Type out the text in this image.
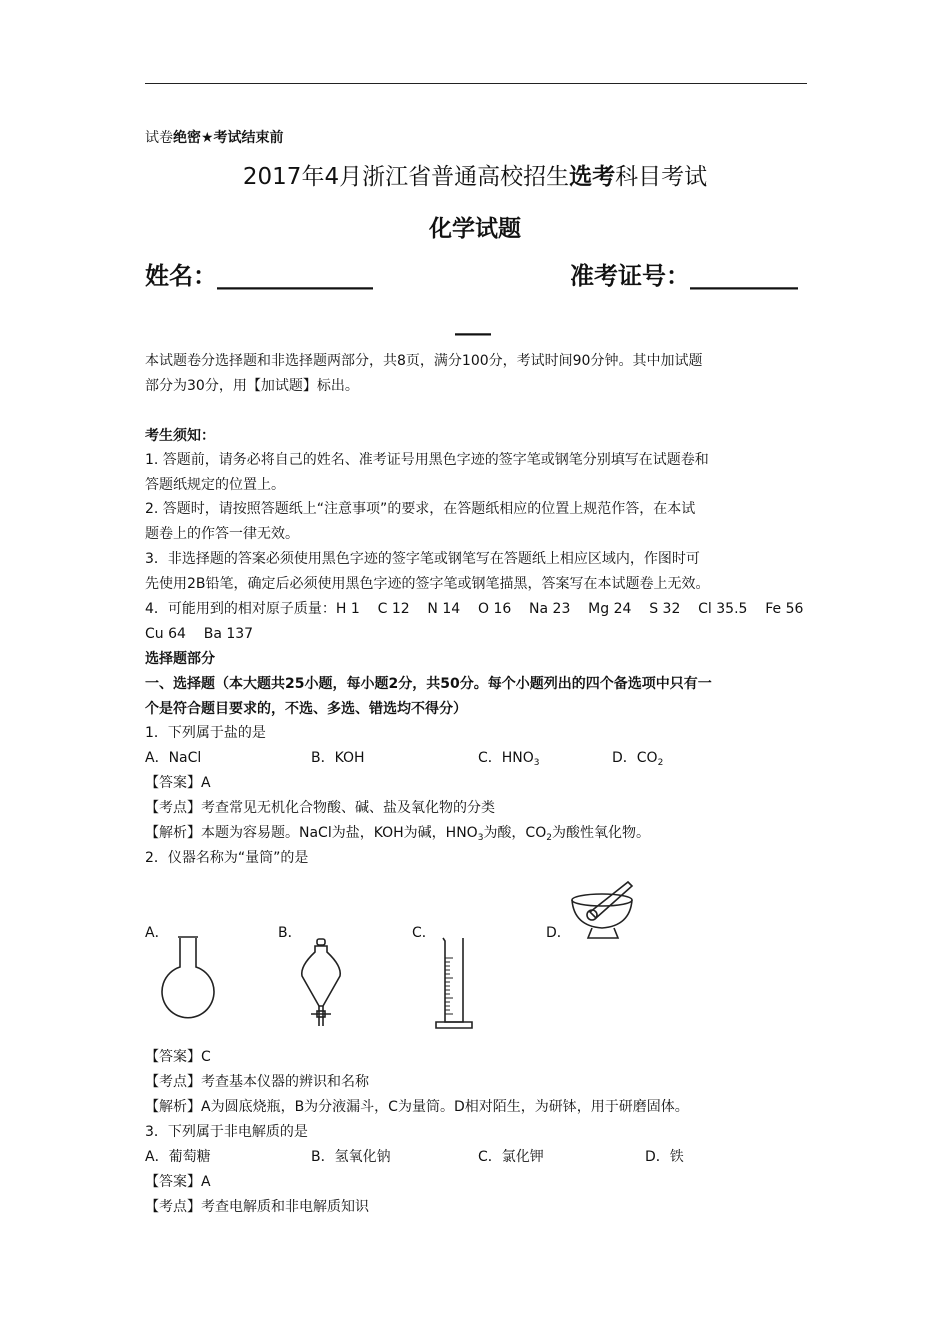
试卷绝密★考试结束前
2017年4月浙江省普通高校招生选考科目考试
化学试题
姓名：_____________	准考证号：_________
___
本试题卷分选择题和非选择题两部分，共8页，满分100分，考试时间90分钟。其中加试题
部分为30分，用【加试题】标出。
考生须知：
1. 答题前，请务必将自己的姓名、准考证号用黑色字迹的签字笔或钢笔分别填写在试题卷和
答题纸规定的位置上。
2. 答题时，请按照答题纸上“注意事项”的要求，在答题纸相应的位置上规范作答，在本试
题卷上的作答一律无效。
3．非选择题的答案必须使用黑色字迹的签字笔或钢笔写在答题纸上相应区域内，作图时可
先使用2B铅笔，确定后必须使用黑色字迹的签字笔或钢笔描黑，答案写在本试题卷上无效。
4．可能用到的相对原子质量：H 1    C 12    N 14    O 16    Na 23    Mg 24    S 32    Cl 35.5    Fe 56
Cu 64    Ba 137
选择题部分
一、选择题（本大题共25小题，每小题2分，共50分。每个小题列出的四个备选项中只有一
个是符合题目要求的，不选、多选、错选均不得分）
1．下列属于盐的是
A．NaCl	B．KOH	C．$HNO_3$	D．$CO_2$
【答案】A
【考点】考查常见无机化合物酸、碱、盐及氧化物的分类
【解析】本题为容易题。NaCl为盐，KOH为碱，$HNO_3$为酸，$CO_2$为酸性氧化物。
2．仪器名称为“量筒”的是
A．	B．	C．	D．
【答案】C
【考点】考查基本仪器的辨识和名称
【解析】A为圆底烧瓶，B为分液漏斗，C为量筒。D相对陌生，为研钵，用于研磨固体。
3．下列属于非电解质的是
A．葡萄糖	B．氢氧化钠	C．氯化钾	D．铁
【答案】A
【考点】考查电解质和非电解质知识
